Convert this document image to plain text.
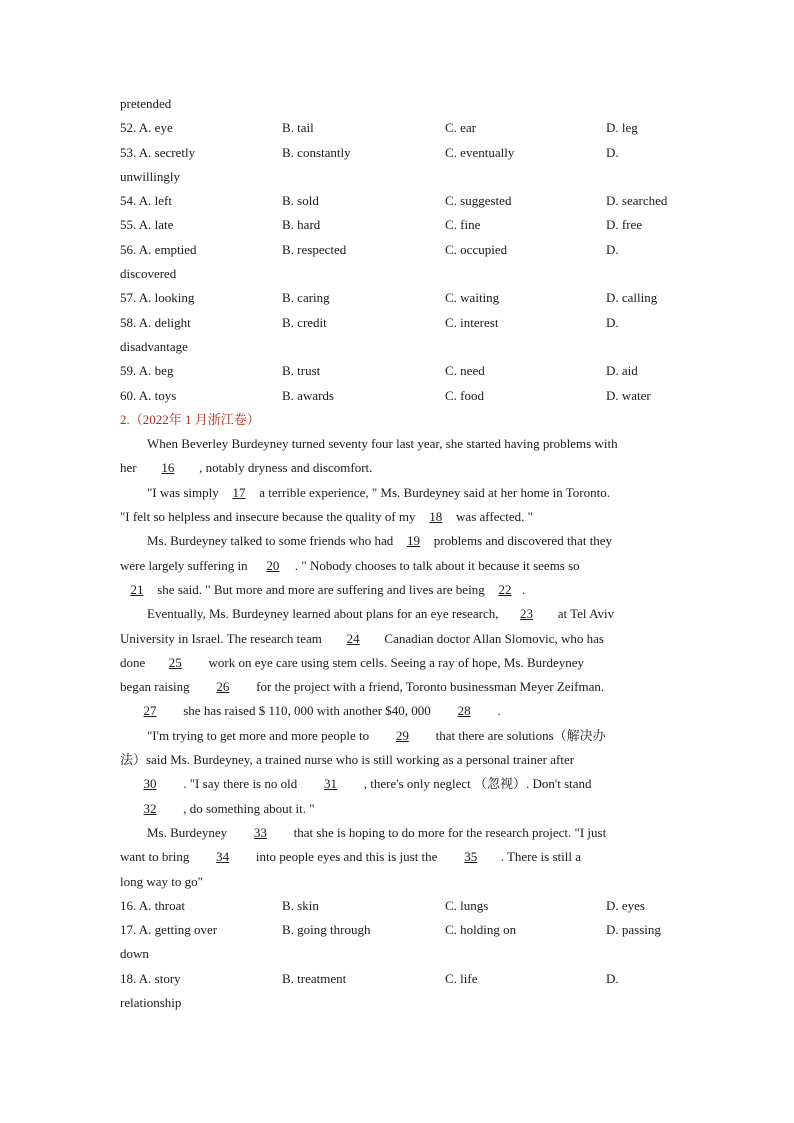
pretended
52. A. eye	B. tail	C. ear	D. leg
53. A. secretly	B. constantly	C. eventually	D.
unwillingly
54. A. left	B. sold	C. suggested	D. searched
55. A. late	B. hard	C. fine	D. free
56. A. emptied	B. respected	C. occupied	D.
discovered
57. A. looking	B. caring	C. waiting	D. calling
58. A. delight	B. credit	C. interest	D.
disadvantage
59. A. beg	B. trust	C. need	D. aid
60. A. toys	B. awards	C. food	D. water
2.（2022年 1 月浙江卷）
When Beverley Burdeyney turned seventy four last year, she started having problems with
her 16 , notably dryness and discomfort.
"I was simply 17 a terrible experience, " Ms. Burdeyney said at her home in Toronto.
"I felt so helpless and insecure because the quality of my 18 was affected. "
Ms. Burdeyney talked to some friends who had 19 problems and discovered that they
were largely suffering in 20 . " Nobody chooses to talk about it because it seems so
21 she said. " But more and more are suffering and lives are being 22 .
Eventually, Ms. Burdeyney learned about plans for an eye research, 23 at Tel Aviv
University in Israel. The research team 24 Canadian doctor Allan Slomovic, who has
done 25 work on eye care using stem cells. Seeing a ray of hope, Ms. Burdeyney
began raising 26 for the project with a friend, Toronto businessman Meyer Zeifman.
27 she has raised $ 110, 000 with another $40, 000 28 .
"I'm trying to get more and more people to 29 that there are solutions（解决办
法）said Ms. Burdeyney, a trained nurse who is still working as a personal trainer after
30 . "I say there is no old 31 , there's only neglect （忽视）. Don't stand
32 , do something about it. "
Ms. Burdeyney 33 that she is hoping to do more for the research project. "I just
want to bring 34 into people eyes and this is just the 35 . There is still a
long way to go"
16. A. throat	B. skin	C. lungs	D. eyes
17. A. getting over	B. going through	C. holding on	D. passing
down
18. A. story	B. treatment	C. life	D.
relationship
